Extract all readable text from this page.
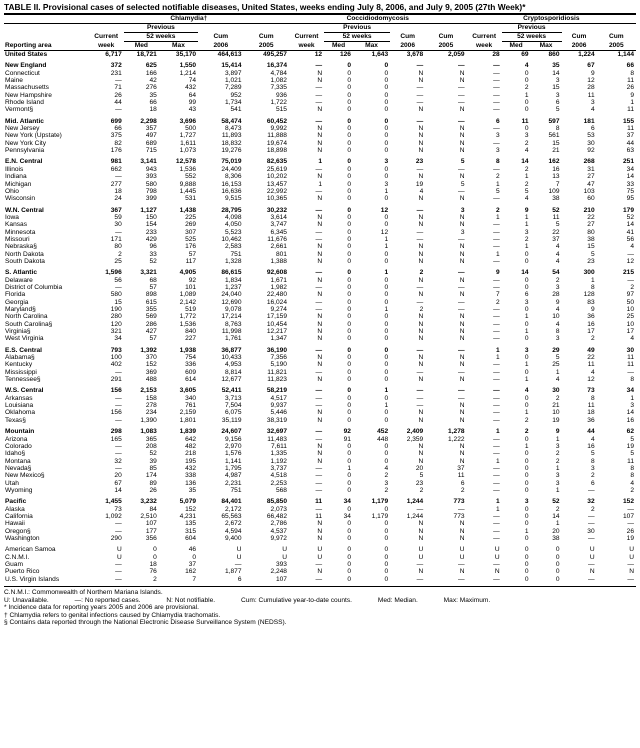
TABLE II. Provisional cases of selected notifiable diseases, United States, weeks ending July 8, 2006, and July 9, 2005 (27th Week)*
	Chlamydia†					Coccidiodomycosis					Cryptosporidiosis				
		Previous					Previous					Previous			
	Current	52 weeks		Cum	Cum	Current	52 weeks		Cum	Cum	Current	52 weeks		Cum	Cum
Reporting area	week	Med	Max	2006	2005	week	Med	Max	2006	2005	week	Med	Max	2006	2005
United States	6,717	18,721	35,170	464,613	495,257	12	126	1,643	3,678	2,059	28	69	860	1,224	1,144

New England	372	625	1,550	15,414	16,374	—	0	0	—	—	—	4	35	67	66
Connecticut	231	166	1,214	3,897	4,784	N	0	0	N	N	—	0	14	9	8
Maine	—	42	74	1,021	1,082	N	0	0	N	N	—	0	3	12	11
Massachusetts	71	276	432	7,289	7,335	—	0	0	—	—	—	2	15	28	26
New Hampshire	26	35	64	952	936	—	0	0	—	—	—	1	3	11	9
Rhode Island	44	66	99	1,734	1,722	—	0	0	—	—	—	0	6	3	1
Vermont§	—	18	43	541	515	N	0	0	N	N	—	0	5	4	11

Mid. Atlantic	699	2,298	3,696	58,474	60,452	—	0	0	—	—	6	11	597	181	155
New Jersey	66	357	500	8,473	9,992	N	0	0	N	N	—	0	8	6	11
New York (Upstate)	375	497	1,727	11,893	11,888	N	0	0	N	N	3	3	561	53	37
New York City	82	689	1,611	18,832	19,674	N	0	0	N	N	—	2	15	30	44
Pennsylvania	176	715	1,073	19,276	18,898	N	0	0	N	N	3	4	21	92	63

E.N. Central	981	3,141	12,578	75,019	82,635	1	0	3	23	5	8	14	162	268	251
Illinois	662	943	1,536	24,409	25,619	—	0	0	—	—	—	2	16	31	34
Indiana	—	393	552	8,306	10,202	N	0	0	N	N	2	1	13	27	14
Michigan	277	580	9,888	16,153	13,457	1	0	3	19	5	1	2	7	47	33
Ohio	18	798	1,445	16,636	22,992	—	0	1	4	—	5	5	109	103	75
Wisconsin	24	399	531	9,515	10,365	N	0	0	N	N	—	4	38	60	95

W.N. Central	367	1,127	1,438	28,795	30,232	—	0	12	—	3	2	9	52	210	179
Iowa	59	150	225	4,098	3,614	N	0	0	N	N	1	1	11	22	52
Kansas	30	154	269	4,050	3,747	N	0	0	N	N	—	1	5	27	14
Minnesota	—	233	307	5,523	6,345	—	0	12	—	3	—	3	22	80	41
Missouri	171	429	525	10,462	11,676	—	0	1	—	—	—	2	37	38	56
Nebraska§	80	96	176	2,583	2,661	N	0	1	N	N	—	1	4	15	4
North Dakota	2	33	57	751	801	N	0	0	N	N	1	0	4	5	—
South Dakota	25	52	117	1,328	1,388	N	0	0	N	N	—	0	4	23	12

S. Atlantic	1,596	3,321	4,905	86,615	92,608	—	0	1	2	—	9	14	54	300	215
Delaware	56	68	92	1,834	1,671	N	0	0	N	N	—	0	2	1	—
District of Columbia	—	57	101	1,237	1,982	—	0	0	—	—	—	0	3	8	2
Florida	580	898	1,089	24,040	22,480	N	0	0	N	N	7	6	28	128	97
Georgia	15	615	2,142	12,690	16,024	—	0	0	—	—	2	3	9	83	50
Maryland§	190	355	519	9,078	9,274	—	0	1	2	—	—	0	4	9	10
North Carolina	280	569	1,772	17,214	17,159	N	0	0	N	N	—	1	10	36	25
South Carolina§	120	286	1,536	8,763	10,454	N	0	0	N	N	—	0	4	16	10
Virginia§	321	427	840	11,998	12,217	N	0	0	N	N	—	1	8	17	17
West Virginia	34	57	227	1,761	1,347	N	0	0	N	N	—	0	3	2	4

E.S. Central	793	1,392	1,938	36,877	36,190	—	0	0	—	—	1	3	29	49	30
Alabama§	100	370	754	10,433	7,356	N	0	0	N	N	1	0	5	22	11
Kentucky	402	152	336	4,953	5,190	N	0	0	N	N	—	1	25	11	11
Mississippi	—	369	609	8,814	11,821	—	0	0	—	—	—	0	1	4	—
Tennessee§	291	488	614	12,677	11,823	N	0	0	N	N	—	1	4	12	8

W.S. Central	156	2,153	3,605	52,411	58,219	—	0	1	—	—	—	4	30	73	34
Arkansas	—	158	340	3,713	4,517	—	0	0	—	—	—	0	2	8	1
Louisiana	—	278	761	7,504	9,937	—	0	1	—	N	—	0	21	11	3
Oklahoma	156	234	2,159	6,075	5,446	N	0	0	N	N	—	1	10	18	14
Texas§	—	1,390	1,801	35,119	38,319	N	0	0	N	N	—	2	19	36	16

Mountain	298	1,083	1,839	24,607	32,697	—	92	452	2,409	1,278	1	2	9	44	62
Arizona	165	365	642	9,156	11,483	—	91	448	2,359	1,222	—	0	1	4	5
Colorado	—	208	482	2,970	7,611	N	0	0	N	N	—	1	3	16	19
Idaho§	—	52	218	1,576	1,335	N	0	0	N	N	—	0	2	5	5
Montana	32	39	195	1,141	1,192	N	0	0	N	N	1	0	2	8	11
Nevada§	—	85	432	1,795	3,737	—	1	4	20	37	—	0	1	3	8
New Mexico§	20	174	338	4,987	4,518	—	0	2	5	11	—	0	3	2	8
Utah	67	89	136	2,231	2,253	—	0	3	23	6	—	0	3	6	4
Wyoming	14	26	35	751	568	—	0	2	2	2	—	0	1	—	2

Pacific	1,455	3,232	5,079	84,401	85,850	11	34	1,179	1,244	773	1	3	52	32	152
Alaska	73	84	152	2,172	2,073	—	0	0	—	—	1	0	2	2	—
California	1,092	2,510	4,231	65,563	66,482	11	34	1,179	1,244	773	—	0	14	—	107
Hawaii	—	107	135	2,672	2,786	N	0	0	N	N	—	0	1	—	—
Oregon§	—	177	315	4,594	4,537	N	0	0	N	N	—	1	20	30	26
Washington	290	356	604	9,400	9,972	N	0	0	N	N	—	0	38	—	19

American Samoa	U	0	46	U	U	U	0	0	U	U	U	0	0	U	U
C.N.M.I.	U	0	0	U	U	U	0	0	U	U	U	0	0	U	U
Guam	—	18	37	—	393	—	0	0	—	—	—	0	0	—	—
Puerto Rico	—	76	162	1,877	2,248	N	0	0	N	N	N	0	0	N	N
U.S. Virgin Islands	—	2	7	6	107	—	0	0	—	—	—	0	0	—	—
C.N.M.I.: Commonwealth of Northern Mariana Islands.
U: Unavailable.	—: No reported cases.	N: Not notifiable.	Cum: Cumulative year-to-date counts.	Med: Median.	Max: Maximum.
* Incidence data for reporting years 2005 and 2006 are provisional.
† Chlamydia refers to genital infections caused by Chlamydia trachomatis.
§ Contains data reported through the National Electronic Disease Surveillance System (NEDSS).
